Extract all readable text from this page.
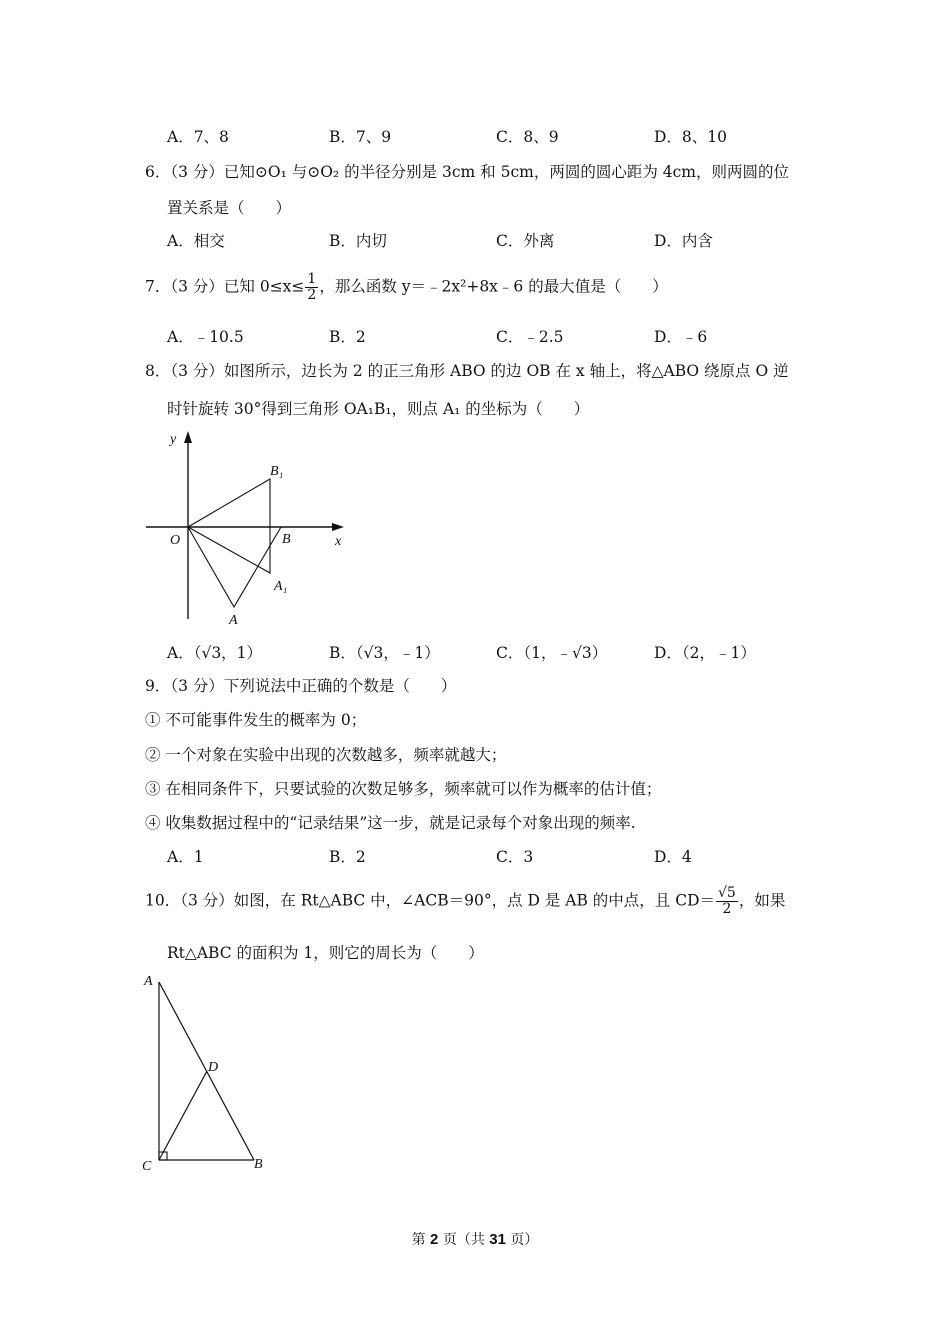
A．7、8	B．7、9	C．8、9	D．8、10
6．（3 分）已知⊙O₁ 与⊙O₂ 的半径分别是 3cm 和 5cm，两圆的圆心距为 4cm，则两圆的位
置关系是（　　）
A．相交	B．内切	C．外离	D．内含
7．（3 分）已知 $0\le x\le \frac{1}{2}$ ，那么函数 y＝﹣2x²+8x﹣6 的最大值是（　　）
A．﹣10.5	B．2	C．﹣2.5	D．﹣6
8．（3 分）如图所示，边长为 2 的正三角形 ABO 的边 OB 在 x 轴上，将△ABO 绕原点 O 逆
时针旋转 30°得到三角形 OA₁B₁，则点 A₁ 的坐标为（　　）
y
x
O	B
B₁
A
A₁
A．（√3，1）	B．（√3，﹣1）	C．（1，﹣√3）	D．（2，﹣1）
9．（3 分）下列说法中正确的个数是（　　）
① 不可能事件发生的概率为 0；
② 一个对象在实验中出现的次数越多，频率就越大；
③ 在相同条件下，只要试验的次数足够多，频率就可以作为概率的估计值；
④ 收集数据过程中的“记录结果”这一步，就是记录每个对象出现的频率.
A．1	B．2	C．3	D．4
10．（3 分）如图，在 Rt△ABC 中，∠ACB＝90°，点 D 是 AB 的中点，且 $CD= \frac{√5}{2}$ ，如果
Rt△ABC 的面积为 1，则它的周长为（　　）
A
D
C	B
第 2 页（共 31 页）
